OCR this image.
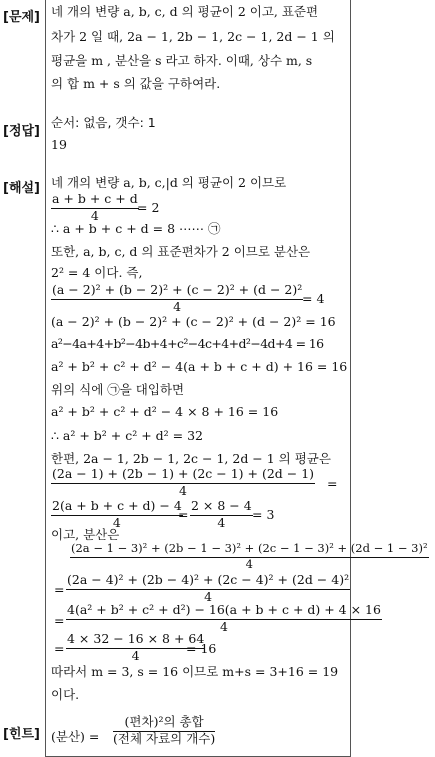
[문제]
[정답]
[해설]
[힌트]
네 개의 변량 a, b, c, d 의 평균이 2 이고, 표준편
차가 2 일 때, 2a − 1, 2b − 1, 2c − 1, 2d − 1 의
평균을 m , 분산을 s 라고 하자. 이때, 상수 m, s
의 합 m + s 의 값을 구하여라.
순서: 없음, 갯수: 1
19
네 개의 변량 a, b, c,|d 의 평균이 2 이므로
a + b + c + d
4	= 2
∴ a + b + c + d = 8 ⋯⋯ ㉠
또한, a, b, c, d 의 표준편차가 2 이므로 분산은
2² = 4 이다. 즉,
(a − 2)² + (b − 2)² + (c − 2)² + (d − 2)²
4	= 4
(a − 2)² + (b − 2)² + (c − 2)² + (d − 2)² = 16
a²−4a+4+b²−4b+4+c²−4c+4+d²−4d+4 = 16
a² + b² + c² + d² − 4(a + b + c + d) + 16 = 16
위의 식에 ㉠을 대입하면
a² + b² + c² + d² − 4 × 8 + 16 = 16
∴ a² + b² + c² + d² = 32
한편, 2a − 1, 2b − 1, 2c − 1, 2d − 1 의 평균은
(2a − 1) + (2b − 1) + (2c − 1) + (2d − 1)
4	=
2(a + b + c + d) − 4
4	=
2 × 8 − 4
4 = 3
이고, 분산은
(2a − 1 − 3)² + (2b − 1 − 3)² + (2c − 1 − 3)² + (2d − 1 − 3)²
4
=
(2a − 4)² + (2b − 4)² + (2c − 4)² + (2d − 4)²
4
=
4(a² + b² + c² + d²) − 16(a + b + c + d) + 4 × 16
4
=
4 × 32 − 16 × 8 + 64
4	= 16
따라서 m = 3, s = 16 이므로 m+s = 3+16 = 19
이다.
(분산) =
(편차)²의 총합
(전체 자료의 개수)
